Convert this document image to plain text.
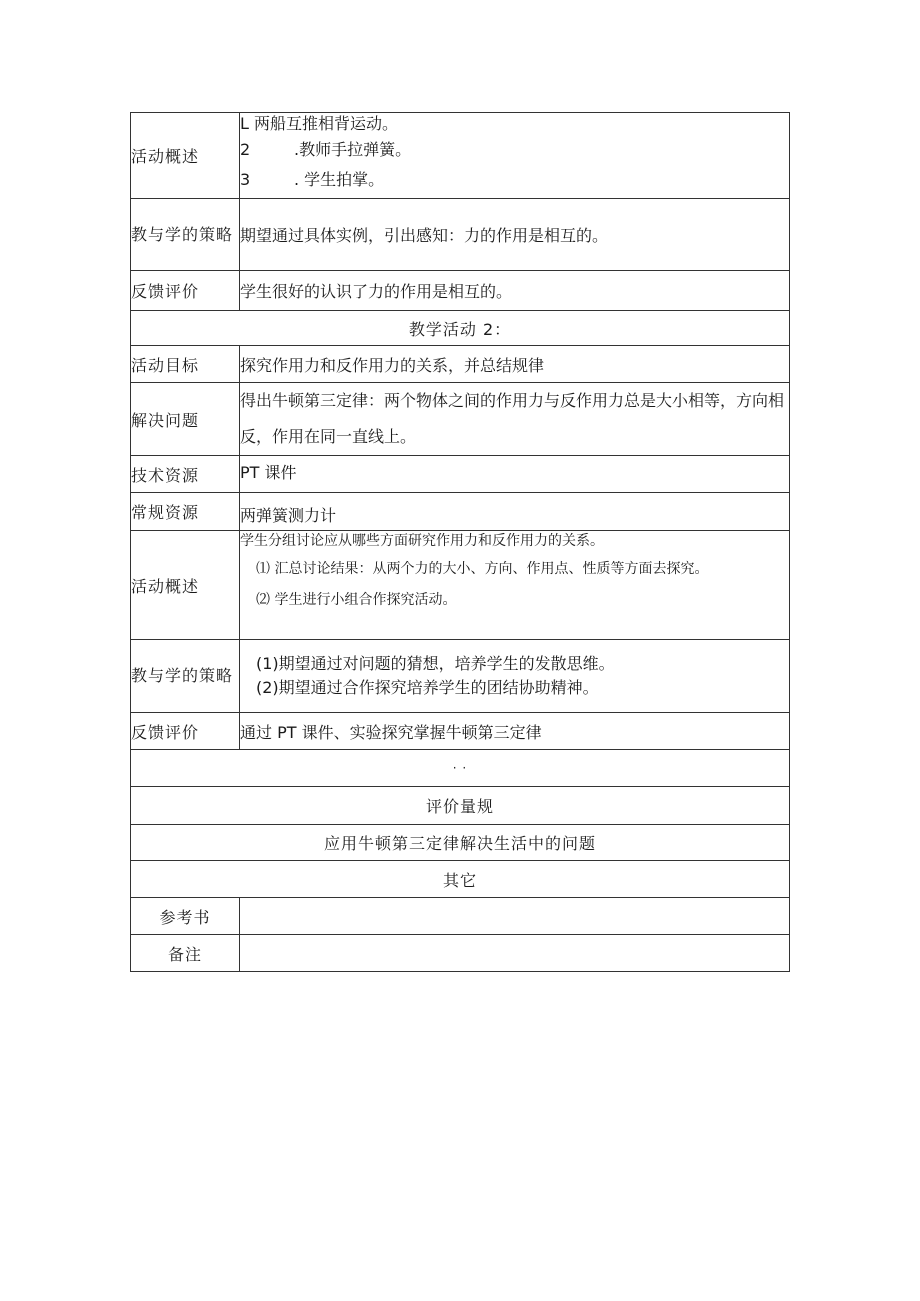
活动概述	L 两船互推相背运动。
2 .教师手拉弹簧。
3 . 学生拍掌。

教与学的策略	期望通过具体实例，引出感知：力的作用是相互的。
反馈评价	学生很好的认识了力的作用是相互的。
教学活动 2：	
活动目标	探究作用力和反作用力的关系，并总结规律
解决问题	得出牛顿第三定律：两个物体之间的作用力与反作用力总是大小相等，方向相反，作用在同一直线上。
技术资源	PT 课件
常规资源	两弹簧测力计
活动概述	学生分组讨论应从哪些方面研究作用力和反作用力的关系。
⑴ 汇总讨论结果：从两个力的大小、方向、作用点、性质等方面去探究。
⑵ 学生进行小组合作探究活动。

教与学的策略	(1)期望通过对问题的猜想，培养学生的发散思维。
(2)期望通过合作探究培养学生的团结协助精神。

反馈评价	通过 PT 课件、实验探究掌握牛顿第三定律
· ·	
评价量规	
应用牛顿第三定律解决生活中的问题	
其它	
参考书	
备注	
